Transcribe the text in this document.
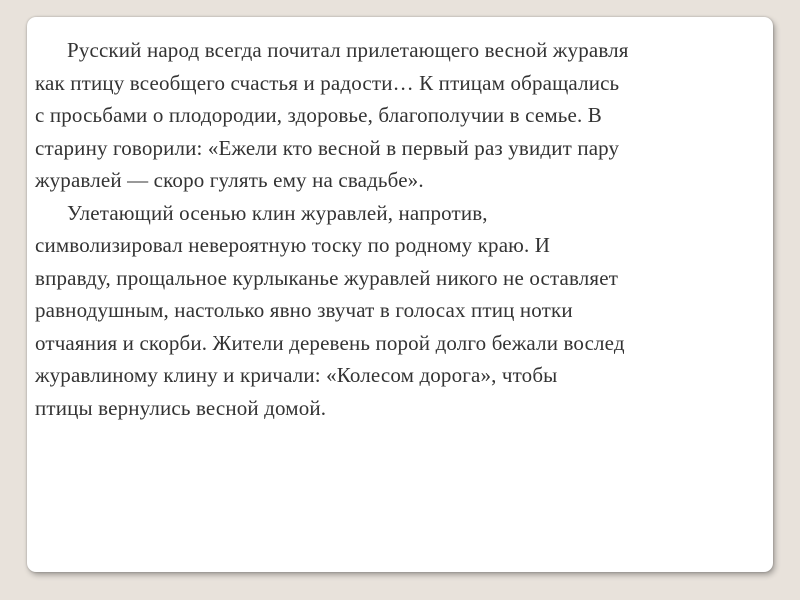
Русский народ всегда почитал прилетающего весной журавля
как птицу всеобщего счастья и радости… К птицам обращались
с просьбами о плодородии, здоровье, благополучии в семье. В
старину говорили: «Ежели кто весной в первый раз увидит пару
журавлей — скоро гулять ему на свадьбе».
Улетающий осенью клин журавлей, напротив,
символизировал невероятную тоску по родному краю. И
вправду, прощальное курлыканье журавлей никого не оставляет
равнодушным, настолько явно звучат в голосах птиц нотки
отчаяния и скорби. Жители деревень порой долго бежали вослед
журавлиному клину и кричали: «Колесом дорога», чтобы
птицы вернулись весной домой.
